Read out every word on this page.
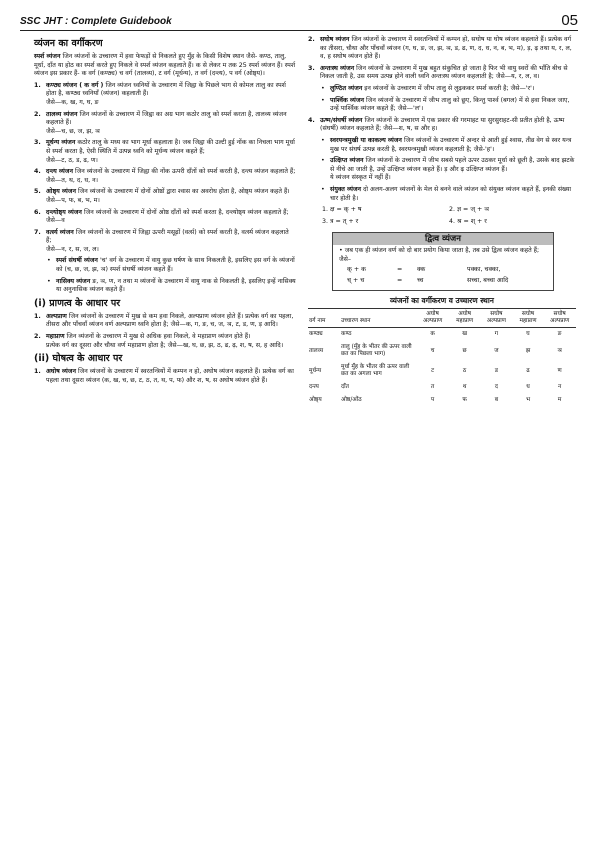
SSC JHT : Complete Guidebook	05
व्यंजन का वर्गीकरण

स्पर्श व्यंजन जिन व्यंजनों के उच्चारण में हवा फेफड़ों से निकलते हुए मुँह के किसी विशेष स्थान जैसे- कण्ठ, तालु, मूर्धा, दाँत या होठ का स्पर्श करते हुए निकले वे स्पर्श व्यंजन कहलाते हैं। क से लेकर म तक 25 स्पर्श व्यंजन हैं। स्पर्श व्यंजन इस प्रकार हैं- क वर्ग (कण्ठ्य) च वर्ग (तालव्य), ट वर्ग (मूर्धन्य), त वर्ग (दन्त्य), प वर्ग (ओष्ठ्य)।

1. कण्ठ्य व्यंजन ( क वर्ग ) जिन व्यंजन ध्वनियों के उच्चारण में जिह्वा के पिछले भाग से कोमल तालु का स्पर्श होता है, कण्ठ्य ध्वनियाँ (व्यंजन) कहलाती हैं।
जैसे—क, ख, ग, घ, ङ
2. तालव्य व्यंजन जिन व्यंजनों के उच्चारण में जिह्वा का अग्र भाग कठोर तालु को स्पर्श करता है, तालव्य व्यंजन कहलाते हैं।
जैसे—च, छ, ज, झ, ञ
3. मूर्धन्य व्यंजन कठोर तालु के मध्य का भाग मूर्धा कहलाता है। जब जिह्वा की उल्टी हुई नोंक का निचला भाग मूर्धा से स्पर्श करता है, ऐसी स्थिति में उत्पन्न ध्वनि को मूर्धन्य व्यंजन कहते हैं;
जैसे—ट, ठ, ड, ढ, ण।
4. दन्त्य व्यंजन जिन व्यंजनों के उच्चारण में जिह्वा की नोंक ऊपरी दाँतों को स्पर्श करती है, दन्त्य व्यंजन कहलाते हैं; जैसे—त, थ, द, ध, न।
5. ओष्ठ्य व्यंजन जिन व्यंजनों के उच्चारण में दोनों ओष्ठों द्वारा श्वास का अवरोध होता है, ओष्ठ्य व्यंजन कहते हैं।
जैसे—प, फ, ब, भ, म।
6. दन्त्योष्ठ्य व्यंजन जिन व्यंजनों के उच्चारण में दोनों ओष्ठ दाँतों को स्पर्श करता है, दन्त्योष्ठ्य व्यंजन कहलाते हैं;
जैसे—व
7. वर्त्स्य व्यंजन जिन व्यंजनों के उच्चारण में जिह्वा ऊपरी मसूढ़ों (वर्त्स) को स्पर्श करती है, वर्त्स्य व्यंजन कहलाते हैं;
जैसे—न, र, स, ज, ल।
• स्पर्श संघर्षी व्यंजन 'च' वर्ग के उच्चारण में वायु कुछ घर्षण के साथ निकलती है, इसलिए इस वर्ग के व्यंजनों को (च, छ, ज, झ, ञ) स्पर्श संघर्षी व्यंजन कहते हैं।
• नासिक्य व्यंजन ङ, ञ, ण, न तथा म व्यंजनों के उच्चारण में वायु नाक से निकलती है, इसलिए इन्हें नासिक्य या अनुनासिक व्यंजन कहते हैं।
(i) प्राणत्व के आधार पर
1. अल्पप्राण जिन व्यंजनों के उच्चारण में मुख से कम हवा निकले, अल्पप्राण व्यंजन होते हैं। प्रत्येक वर्ग का पहला, तीसरा और पाँचवाँ व्यंजन वर्ण अल्पप्राण ध्वनि होता है; जैसे—क, ग, ङ, च, ज, ञ, ट, ड, ण, ड़ आदि।
2. महाप्राण जिन व्यंजनों के उच्चारण में मुख से अधिक हवा निकले, वे महाप्राण व्यंजन होते हैं।
प्रत्येक वर्ग का दूसरा और चौथा वर्ण महाप्राण होता है; जैसे—ख, घ, छ, झ, ठ, ढ, ढ़, श, ष, स, ह आदि।
(ii) घोषत्व के आधार पर
1. अघोष व्यंजन जिन व्यंजनों के उच्चारण में स्वरतन्त्रियों में कम्पन न हो, अघोष व्यंजन कहलाते हैं। प्रत्येक वर्ग का पहला तथा दूसरा व्यंजन (क, ख, च, छ, ट, ठ, त, थ, प, फ) और श, ष, स अघोष व्यंजन होते हैं।
2. सघोष व्यंजन जिन व्यंजनों के उच्चारण में स्वरतन्त्रियों में कम्पन हो, सघोष या घोष व्यंजन कहलाते हैं। प्रत्येक वर्ग का तीसरा, चौथा और पाँचवाँ व्यंजन (ग, घ, ङ, ज, झ, ञ, ड, ढ, ण, द, ध, न, ब, भ, म), ड़, ढ़ तथा य, र, ल, व, ह सघोष व्यंजन होते हैं।
3. अन्तःस्थ व्यंजन जिन व्यंजनों के उच्चारण में मुख बहुत संकुचित हो जाता है फिर भी वायु स्वरों की भाँति बीच से निकल जाती है, उस समय उत्पन्न होने वाली ध्वनि अन्तःस्थ व्यंजन कहलाती है; जैसे—य, र, ल, व।
• लुण्ठित व्यंजन इन व्यंजनों के उच्चारण में जीभ तालु से लुढ़ककर स्पर्श करती है; जैसे—'र'।
• पार्श्विक व्यंजन जिन व्यंजनों के उच्चारण में जीभ तालु को छूए, किन्तु पार्श्व (बगल) में से हवा निकल जाए, उन्हें पार्श्विक व्यंजन कहते हैं; जैसे—'ल'।
4. ऊष्म/संघर्षी व्यंजन जिन व्यंजनों के उच्चारण में एक प्रकार की गरमाहट या सुरसुराहट-सी प्रतीत होती है, ऊष्म (संघर्षी) व्यंजन कहलाते हैं; जैसे—श, ष, स और ह।
• स्वरयन्त्रमुखी या काकल्य व्यंजन जिन व्यंजनों के उच्चारण में अन्दर से आती हुई श्वास, तीव्र वेग से स्वर यन्त्र मुख पर संघर्ष उत्पन्न करती है, स्वरयन्त्रमुखी व्यंजन कहलाती है; जैसे-'ह'।
• उत्क्षिप्त व्यंजन जिन व्यंजनों के उच्चारण में जीभ सबसे पहले ऊपर उठकर मूर्धा को छूती है, उसके बाद झटके से नीचे आ जाती है, उन्हें उत्क्षिप्त व्यंजन कहते हैं। ड़ और ढ़ उत्क्षिप्त व्यंजन हैं।
ये व्यंजन संस्कृत में नहीं हैं।
• संयुक्त व्यंजन दो अलग-अलग व्यंजनों के मेल से बनने वाले व्यंजन को संयुक्त व्यंजन कहते हैं, इनकी संख्या चार होती है।
1. क्ष = क् + ष	2. ज्ञ = ज् + ञ
3. त्र = त् + र	4. श्र = श् + र
द्वित्व व्यंजन
• जब एक ही व्यंजन वर्ण को दो बार प्रयोग किया जाता है, तब उसे द्वित्व व्यंजन कहते हैं; जैसे–
क् + क	=	क्क	पक्का, चक्का,
च् + च	=	च्च	सच्चा, बच्चा आदि
व्यंजनों का वर्गीकरण व उच्चारण स्थान
वर्ग नाम	उच्चारण स्थान	अघोष अल्पप्राण	अघोष महाप्राण	सघोष अल्पप्राण	सघोष महाप्राण	सघोष अल्पप्राण
कण्ठ्य	कण्ठ	क	ख	ग	घ	ङ
तालव्य	तालु (मुँह के भीतर की ऊपर वाली छत का पिछला भाग)	च	छ	ज	झ	ञ
मूर्धन्य	मूर्धा मुँह के भीतर की ऊपर वाली छत का अगला भाग	ट	ठ	ड	ढ	ण
दन्त्य	दाँत	त	थ	द	ध	न
ओष्ठ्य	ओष्ठ/ओंठ	प	फ	ब	भ	म
